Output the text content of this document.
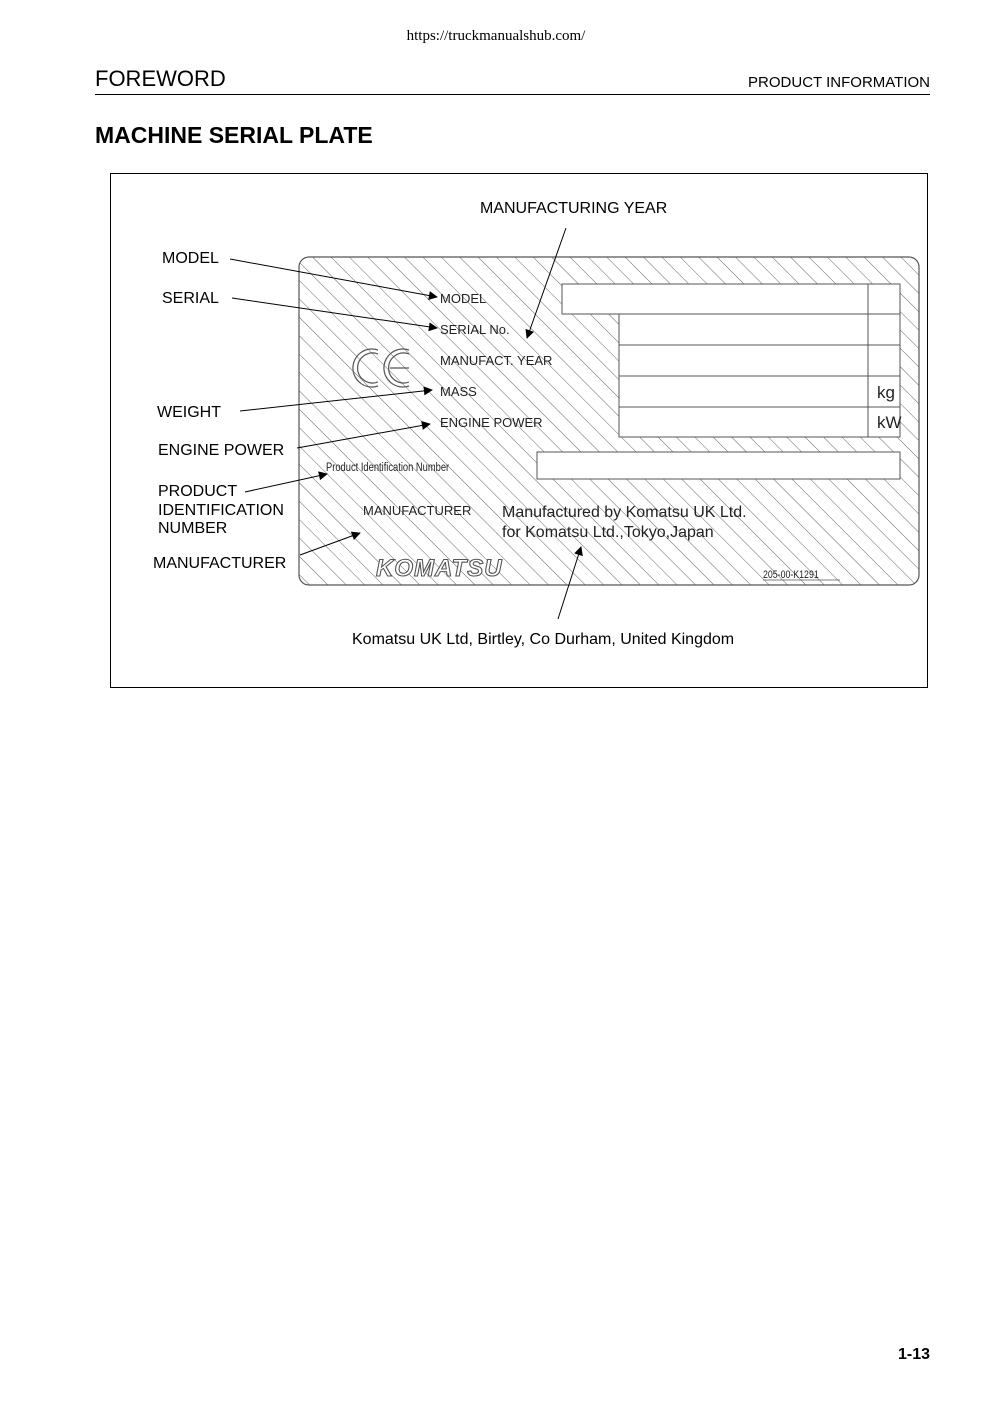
https://truckmanualshub.com/
FOREWORD	PRODUCT INFORMATION
MACHINE SERIAL PLATE
MODEL
SERIAL No.
MANUFACT. YEAR
MASS
ENGINE POWER
MANUFACTURER
kg
kW
Product Identification Number
Manufactured by Komatsu UK Ltd.
for Komatsu Ltd.,Tokyo,Japan
KOMATSU	205-00-K1291
MANUFACTURING YEAR
MODEL
SERIAL
WEIGHT
ENGINE POWER
PRODUCT
IDENTIFICATION
NUMBER
MANUFACTURER
Komatsu UK Ltd, Birtley, Co Durham, United Kingdom
1-13
